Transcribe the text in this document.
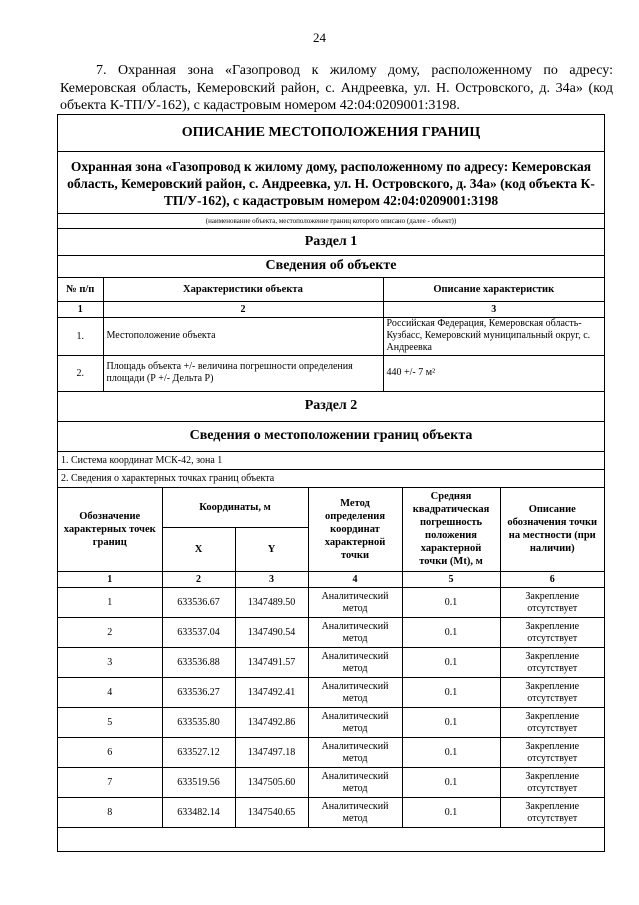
24
7. Охранная зона «Газопровод к жилому дому, расположенному по адресу: Кемеровская область, Кемеровский район, с. Андреевка, ул. Н. Островского, д. 34а» (код объекта К-ТП/У-162), с кадастровым номером 42:04:0209001:3198.
ОПИСАНИЕ МЕСТОПОЛОЖЕНИЯ ГРАНИЦ
Охранная зона «Газопровод к жилому дому, расположенному по адресу: Кемеровская область, Кемеровский район, с. Андреевка, ул. Н. Островского, д. 34а» (код объекта К-ТП/У-162), с кадастровым номером 42:04:0209001:3198
(наименование объекта, местоположение границ которого описано (далее - объект))
Раздел 1		
Сведения об объекте		
№ п/п	Характеристики объекта	Описание характеристик
1	2	3
1.	Местоположение объекта	Российская Федерация, Кемеровская область-Кузбасс, Кемеровский муниципальный округ, с. Андреевка
2.	Площадь объекта +/- величина погрешности определения площади (Р +/- Дельта Р)	440 +/- 7 м²
Раздел 2		
Сведения о местоположении границ объекта		
1. Система координат МСК-42, зона 1		
2. Сведения о характерных точках границ объекта		
Обозначение характерных точек границ	Координаты, м		Метод определения координат характерной точки	Средняя квадратическая погрешность положения характерной точки (Mt), м	Описание обозначения точки на местности (при наличии)
	X	Y			
1	2	3	4	5	6
1	633536.67	1347489.50	Аналитический метод	0.1	Закрепление отсутствует
2	633537.04	1347490.54	Аналитический метод	0.1	Закрепление отсутствует
3	633536.88	1347491.57	Аналитический метод	0.1	Закрепление отсутствует
4	633536.27	1347492.41	Аналитический метод	0.1	Закрепление отсутствует
5	633535.80	1347492.86	Аналитический метод	0.1	Закрепление отсутствует
6	633527.12	1347497.18	Аналитический метод	0.1	Закрепление отсутствует
7	633519.56	1347505.60	Аналитический метод	0.1	Закрепление отсутствует
8	633482.14	1347540.65	Аналитический метод	0.1	Закрепление отсутствует
